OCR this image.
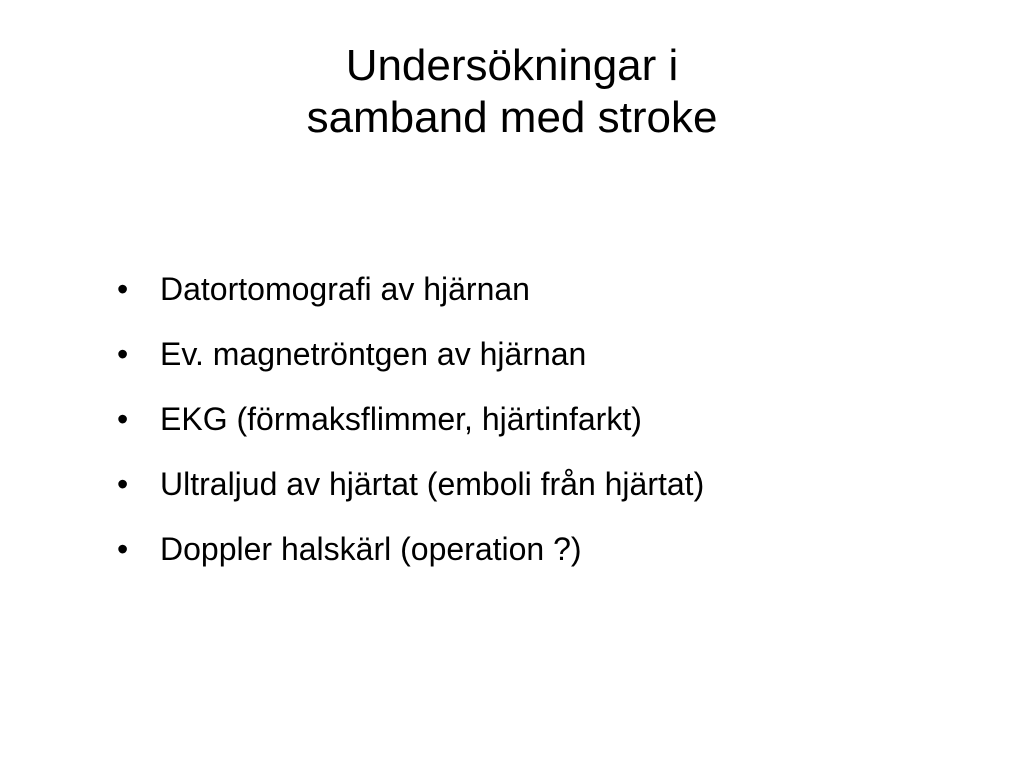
Undersökningar i
samband med stroke
• Datortomografi av hjärnan
• Ev. magnetröntgen av hjärnan
• EKG (förmaksflimmer, hjärtinfarkt)
• Ultraljud av hjärtat (emboli från hjärtat)
• Doppler halskärl (operation ?)
